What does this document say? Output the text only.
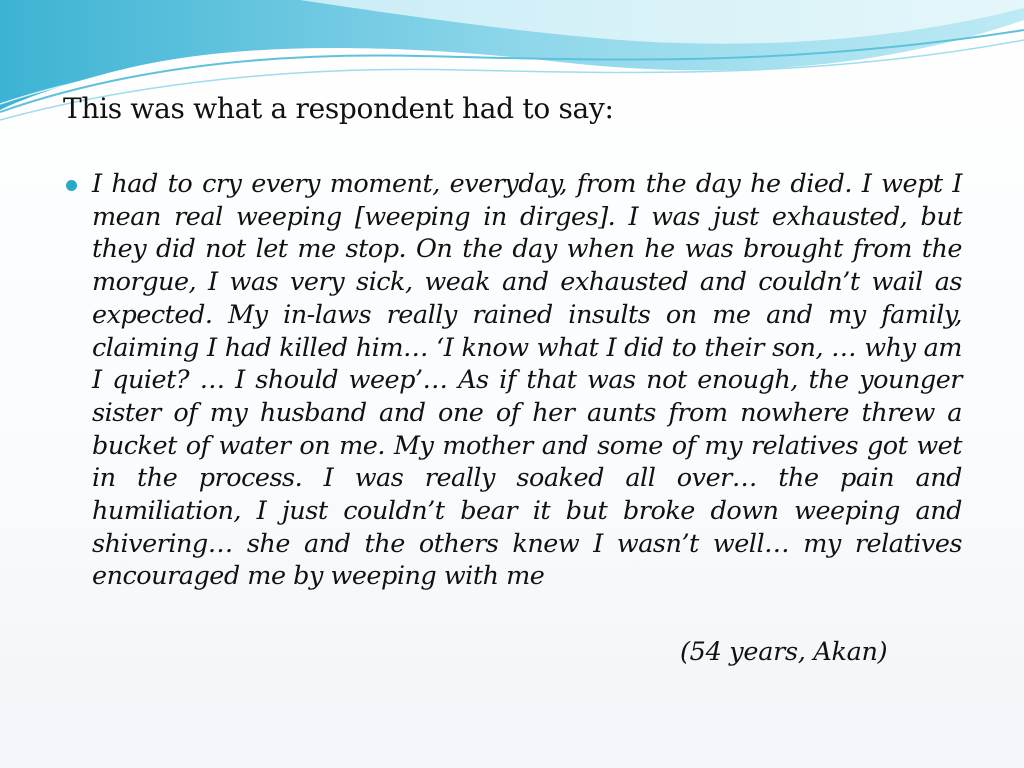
This was what a respondent had to say:

I had to cry every moment, everyday, from the day he died. I wept I mean real weeping [weeping in dirges]. I was just exhausted, but they did not let me stop. On the day when he was brought from the morgue, I was very sick, weak and exhausted and couldn’t wail as expected. My in-laws really rained insults on me and my family, claiming I had killed him… ‘I know what I did to their son, … why am I quiet? … I should weep’… As if that was not enough, the younger sister of my husband and one of her aunts from nowhere threw a bucket of water on me. My mother and some of my relatives got wet in the process. I was really soaked all over… the pain and humiliation, I just couldn’t bear it but broke down weeping and shivering… she and the others knew I wasn’t well… my relatives encouraged me by weeping with me

(54 years, Akan)
